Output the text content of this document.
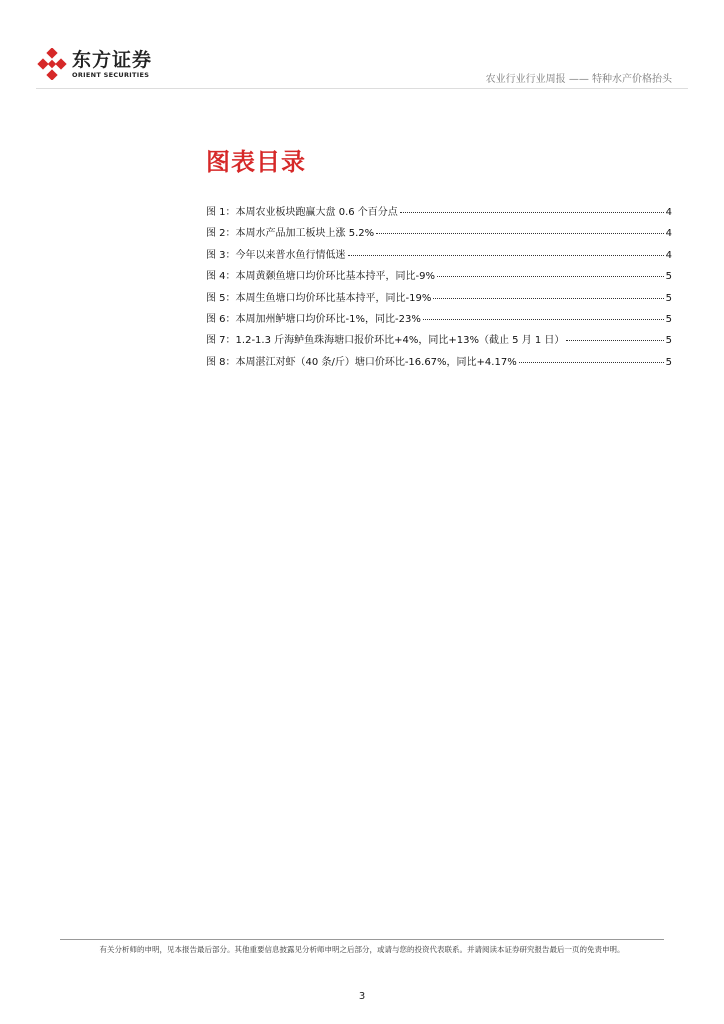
东方证券
ORIENT SECURITIES	农业行业行业周报 —— 特种水产价格抬头
图表目录
图 1：本周农业板块跑赢大盘 0.6 个百分点	4
图 2：本周水产品加工板块上涨 5.2%	4
图 3：今年以来普水鱼行情低迷	4
图 4：本周黄颡鱼塘口均价环比基本持平，同比-9%	5
图 5：本周生鱼塘口均价环比基本持平，同比-19%	5
图 6：本周加州鲈塘口均价环比-1%，同比-23%	5
图 7：1.2-1.3 斤海鲈鱼珠海塘口报价环比+4%，同比+13%（截止 5 月 1 日）	5
图 8：本周湛江对虾（40 条/斤）塘口价环比-16.67%，同比+4.17%	5
有关分析师的申明，见本报告最后部分。其他重要信息披露见分析师申明之后部分，或请与您的投资代表联系。并请阅读本证券研究报告最后一页的免责申明。
3
